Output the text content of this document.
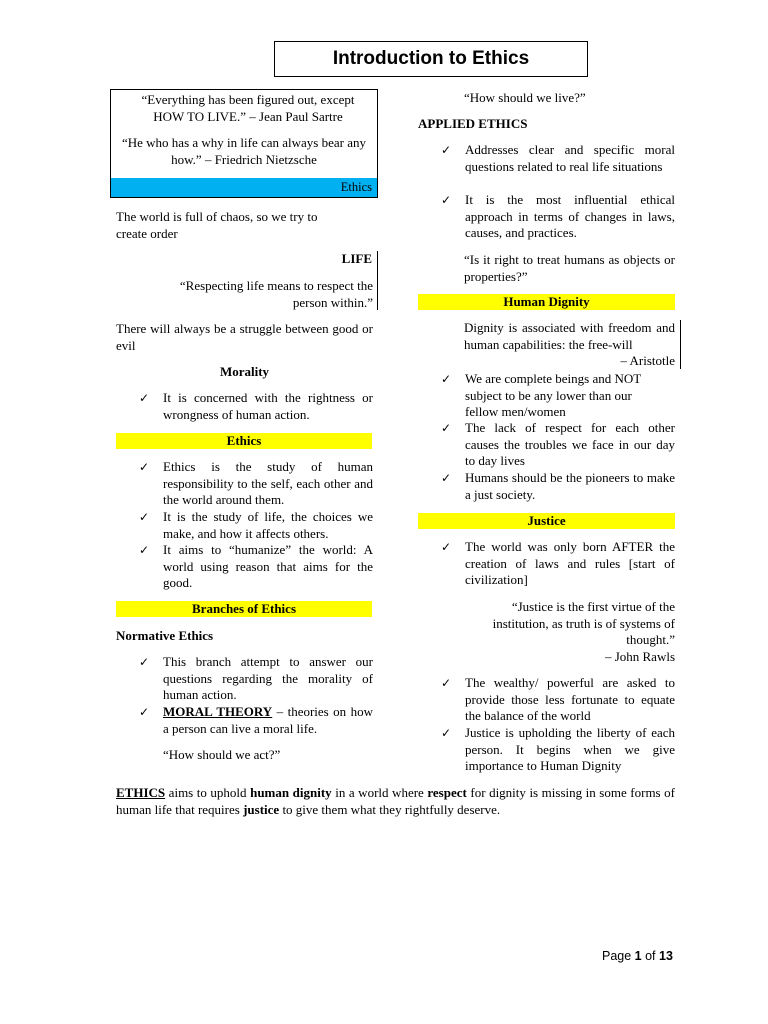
Introduction to Ethics

“Everything has been figured out, except HOW TO LIVE.” – Jean Paul Sartre

“He who has a why in life can always bear any how.” – Friedrich Nietzsche

Ethics

The world is full of chaos, so we try to create order

LIFE

“Respecting life means to respect the person within.”

There will always be a struggle between good or evil

Morality

✓ It is concerned with the rightness or wrongness of human action.
Ethics
✓ Ethics is the study of human responsibility to the self, each other and the world around them.
✓ It is the study of life, the choices we make, and how it affects others.
✓ It aims to “humanize” the world: A world using reason that aims for the good.
Branches of Ethics

Normative Ethics

✓ This branch attempt to answer our questions regarding the morality of human action.
✓ MORAL THEORY – theories on how a person can live a moral life.

“How should we act?”

“How should we live?”

APPLIED ETHICS

✓ Addresses clear and specific moral questions related to real life situations
✓ It is the most influential ethical approach in terms of changes in laws, causes, and practices.

“Is it right to treat humans as objects or properties?”

Human Dignity

Dignity is associated with freedom and human capabilities: the free-will

– Aristotle

✓ We are complete beings and NOT subject to be any lower than our fellow men/women
✓ The lack of respect for each other causes the troubles we face in our day to day lives
✓ Humans should be the pioneers to make a just society.
Justice
✓ The world was only born AFTER the creation of laws and rules [start of civilization]

“Justice is the first virtue of the institution, as truth is of systems of thought.”

– John Rawls

✓ The wealthy/ powerful are asked to provide those less fortunate to equate the balance of the world
✓ Justice is upholding the liberty of each person. It begins when we give importance to Human Dignity

ETHICS aims to uphold human dignity in a world where respect for dignity is missing in some forms of human life that requires justice to give them what they rightfully deserve.

Page 1 of 13
